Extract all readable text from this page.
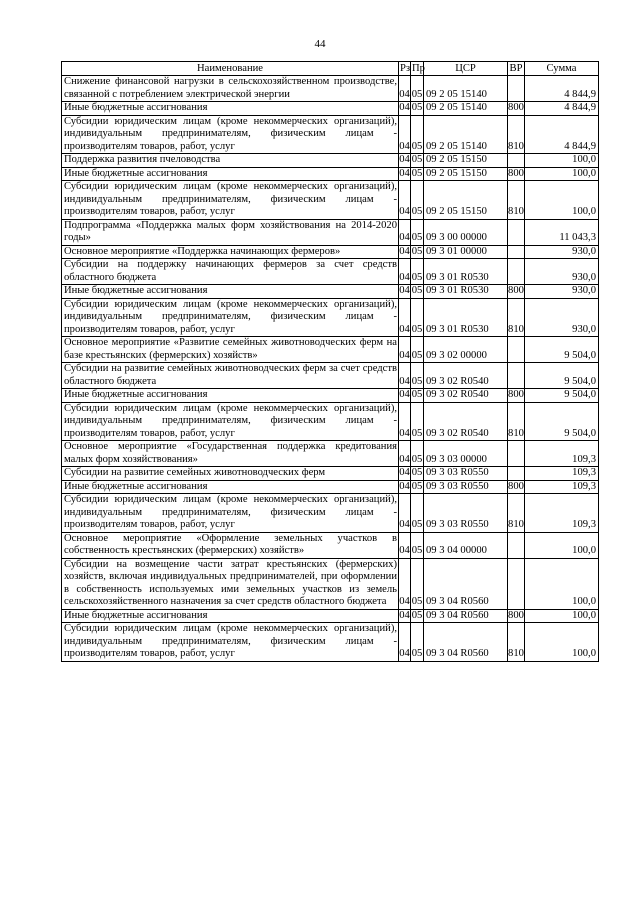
44
Наименование	Рз	Пр	ЦСР	ВР	Сумма
Снижение финансовой нагрузки в сельскохозяйственном производстве, связанной с потреблением электрической энергии	04	05	09 2 05 15140		4 844,9
Иные бюджетные ассигнования	04	05	09 2 05 15140	800	4 844,9
Субсидии юридическим лицам (кроме некоммерческих организаций), индивидуальным предпринимателям, физическим лицам - производителям товаров, работ, услуг	04	05	09 2 05 15140	810	4 844,9
Поддержка развития пчеловодства	04	05	09 2 05 15150		100,0
Иные бюджетные ассигнования	04	05	09 2 05 15150	800	100,0
Субсидии юридическим лицам (кроме некоммерческих организаций), индивидуальным предпринимателям, физическим лицам - производителям товаров, работ, услуг	04	05	09 2 05 15150	810	100,0
Подпрограмма «Поддержка малых форм хозяйствования на 2014-2020 годы»	04	05	09 3 00 00000		11 043,3
Основное мероприятие «Поддержка начинающих фермеров»	04	05	09 3 01 00000		930,0
Субсидии на поддержку начинающих фермеров за счет средств областного бюджета	04	05	09 3 01 R0530		930,0
Иные бюджетные ассигнования	04	05	09 3 01 R0530	800	930,0
Субсидии юридическим лицам (кроме некоммерческих организаций), индивидуальным предпринимателям, физическим лицам - производителям товаров, работ, услуг	04	05	09 3 01 R0530	810	930,0
Основное мероприятие «Развитие семейных животноводческих ферм на базе крестьянских (фермерских) хозяйств»	04	05	09 3 02 00000		9 504,0
Субсидии на развитие семейных животноводческих ферм за счет средств областного бюджета	04	05	09 3 02 R0540		9 504,0
Иные бюджетные ассигнования	04	05	09 3 02 R0540	800	9 504,0
Субсидии юридическим лицам (кроме некоммерческих организаций), индивидуальным предпринимателям, физическим лицам - производителям товаров, работ, услуг	04	05	09 3 02 R0540	810	9 504,0
Основное мероприятие «Государственная поддержка кредитования малых форм хозяйствования»	04	05	09 3 03 00000		109,3
Субсидии на развитие семейных животноводческих ферм	04	05	09 3 03 R0550		109,3
Иные бюджетные ассигнования	04	05	09 3 03 R0550	800	109,3
Субсидии юридическим лицам (кроме некоммерческих организаций), индивидуальным предпринимателям, физическим лицам - производителям товаров, работ, услуг	04	05	09 3 03 R0550	810	109,3
Основное мероприятие «Оформление земельных участков в собственность крестьянских (фермерских) хозяйств»	04	05	09 3 04 00000		100,0
Субсидии на возмещение части затрат крестьянских (фермерских) хозяйств, включая индивидуальных предпринимателей, при оформлении в собственность используемых ими земельных участков из земель сельскохозяйственного назначения за счет средств областного бюджета	04	05	09 3 04 R0560		100,0
Иные бюджетные ассигнования	04	05	09 3 04 R0560	800	100,0
Субсидии юридическим лицам (кроме некоммерческих организаций), индивидуальным предпринимателям, физическим лицам - производителям товаров, работ, услуг	04	05	09 3 04 R0560	810	100,0
